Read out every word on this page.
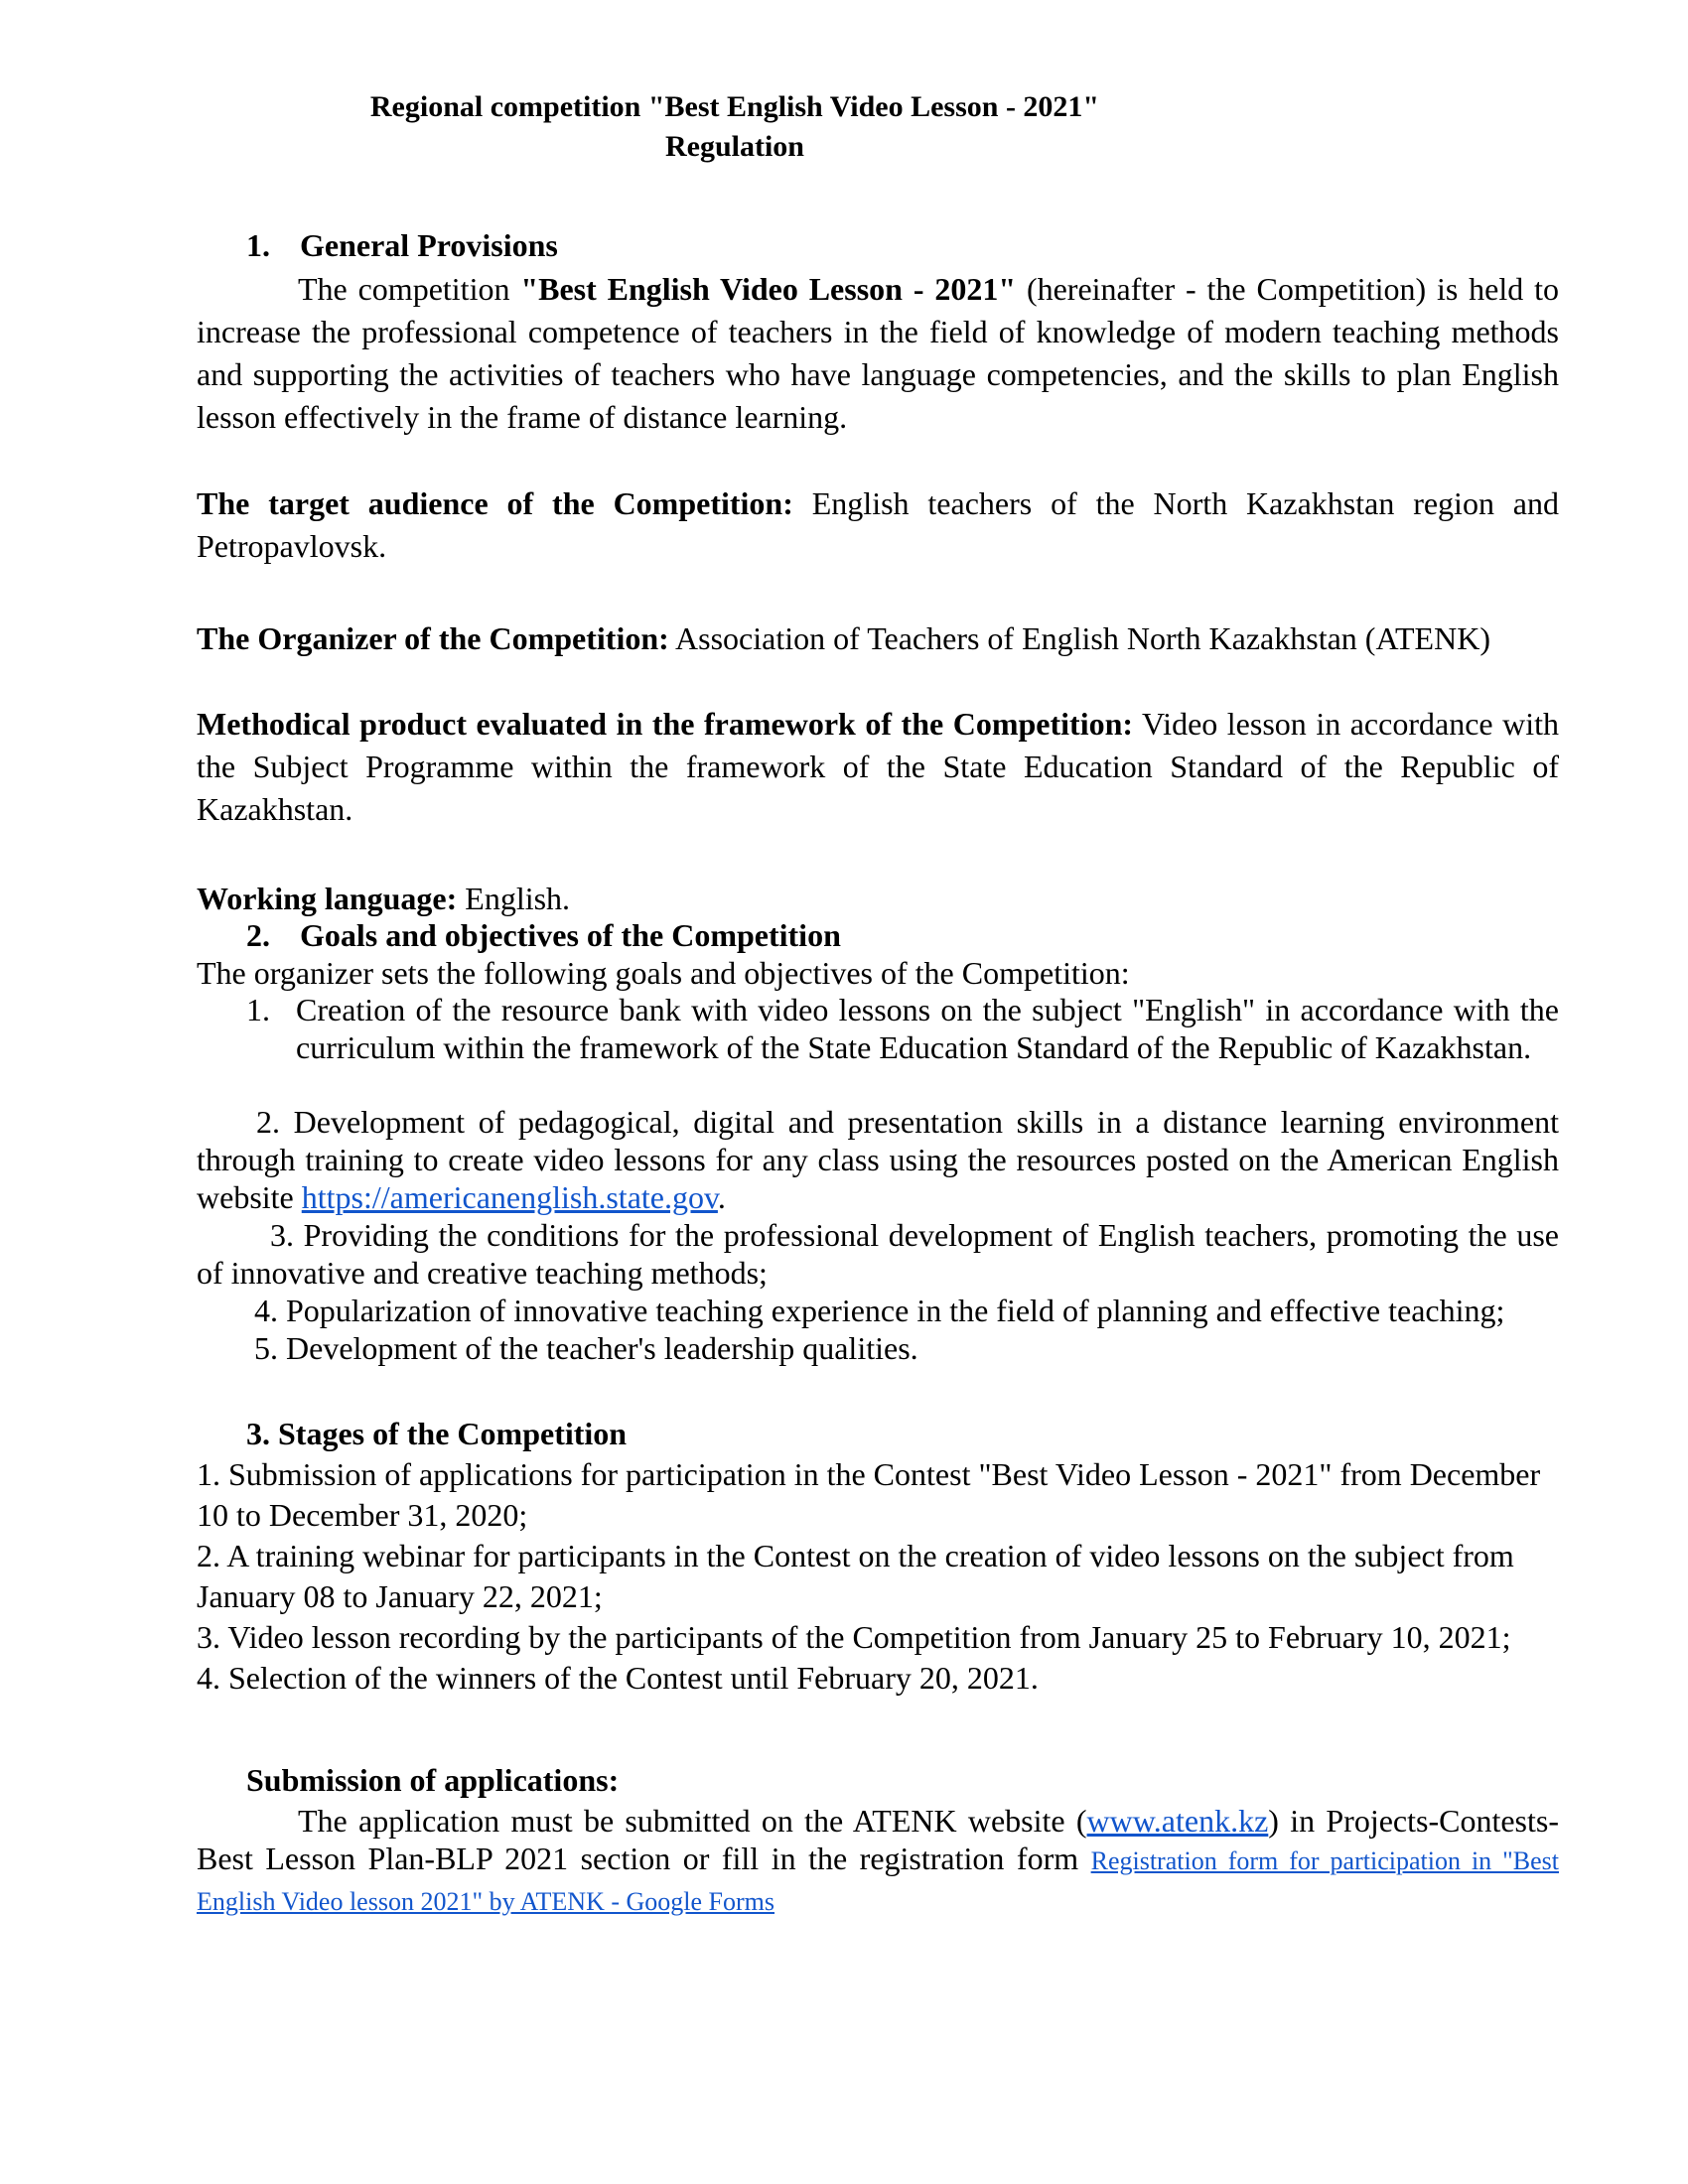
Regional competition "Best English Video Lesson - 2021"
Regulation
1. General Provisions

The competition "Best English Video Lesson - 2021" (hereinafter - the Competition) is held to increase the professional competence of teachers in the field of knowledge of modern teaching methods and supporting the activities of teachers who have language competencies, and the skills to plan English lesson effectively in the frame of distance learning.

The target audience of the Competition: English teachers of the North Kazakhstan region and Petropavlovsk.

The Organizer of the Competition: Association of Teachers of English North Kazakhstan (ATENK)

Methodical product evaluated in the framework of the Competition: Video lesson in accordance with the Subject Programme within the framework of the State Education Standard of the Republic of Kazakhstan.

Working language: English.

2. Goals and objectives of the Competition

The organizer sets the following goals and objectives of the Competition:

1. Creation of the resource bank with video lessons on the subject "English" in accordance with the curriculum within the framework of the State Education Standard of the Republic of Kazakhstan.

2. Development of pedagogical, digital and presentation skills in a distance learning environment through training to create video lessons for any class using the resources posted on the American English website https://americanenglish.state.gov.

3. Providing the conditions for the professional development of English teachers, promoting the use of innovative and creative teaching methods;

4. Popularization of innovative teaching experience in the field of planning and effective teaching;

5. Development of the teacher's leadership qualities.

3. Stages of the Competition

1. Submission of applications for participation in the Contest "Best Video Lesson - 2021" from December 10 to December 31, 2020;

2. A training webinar for participants in the Contest on the creation of video lessons on the subject from January 08 to January 22, 2021;

3. Video lesson recording by the participants of the Competition from January 25 to February 10, 2021;

4. Selection of the winners of the Contest until February 20, 2021.

Submission of applications:

The application must be submitted on the ATENK website (www.atenk.kz) in Projects-Contests-Best Lesson Plan-BLP 2021 section or fill in the registration form Registration form for participation in "Best English Video lesson 2021" by ATENK - Google Forms
